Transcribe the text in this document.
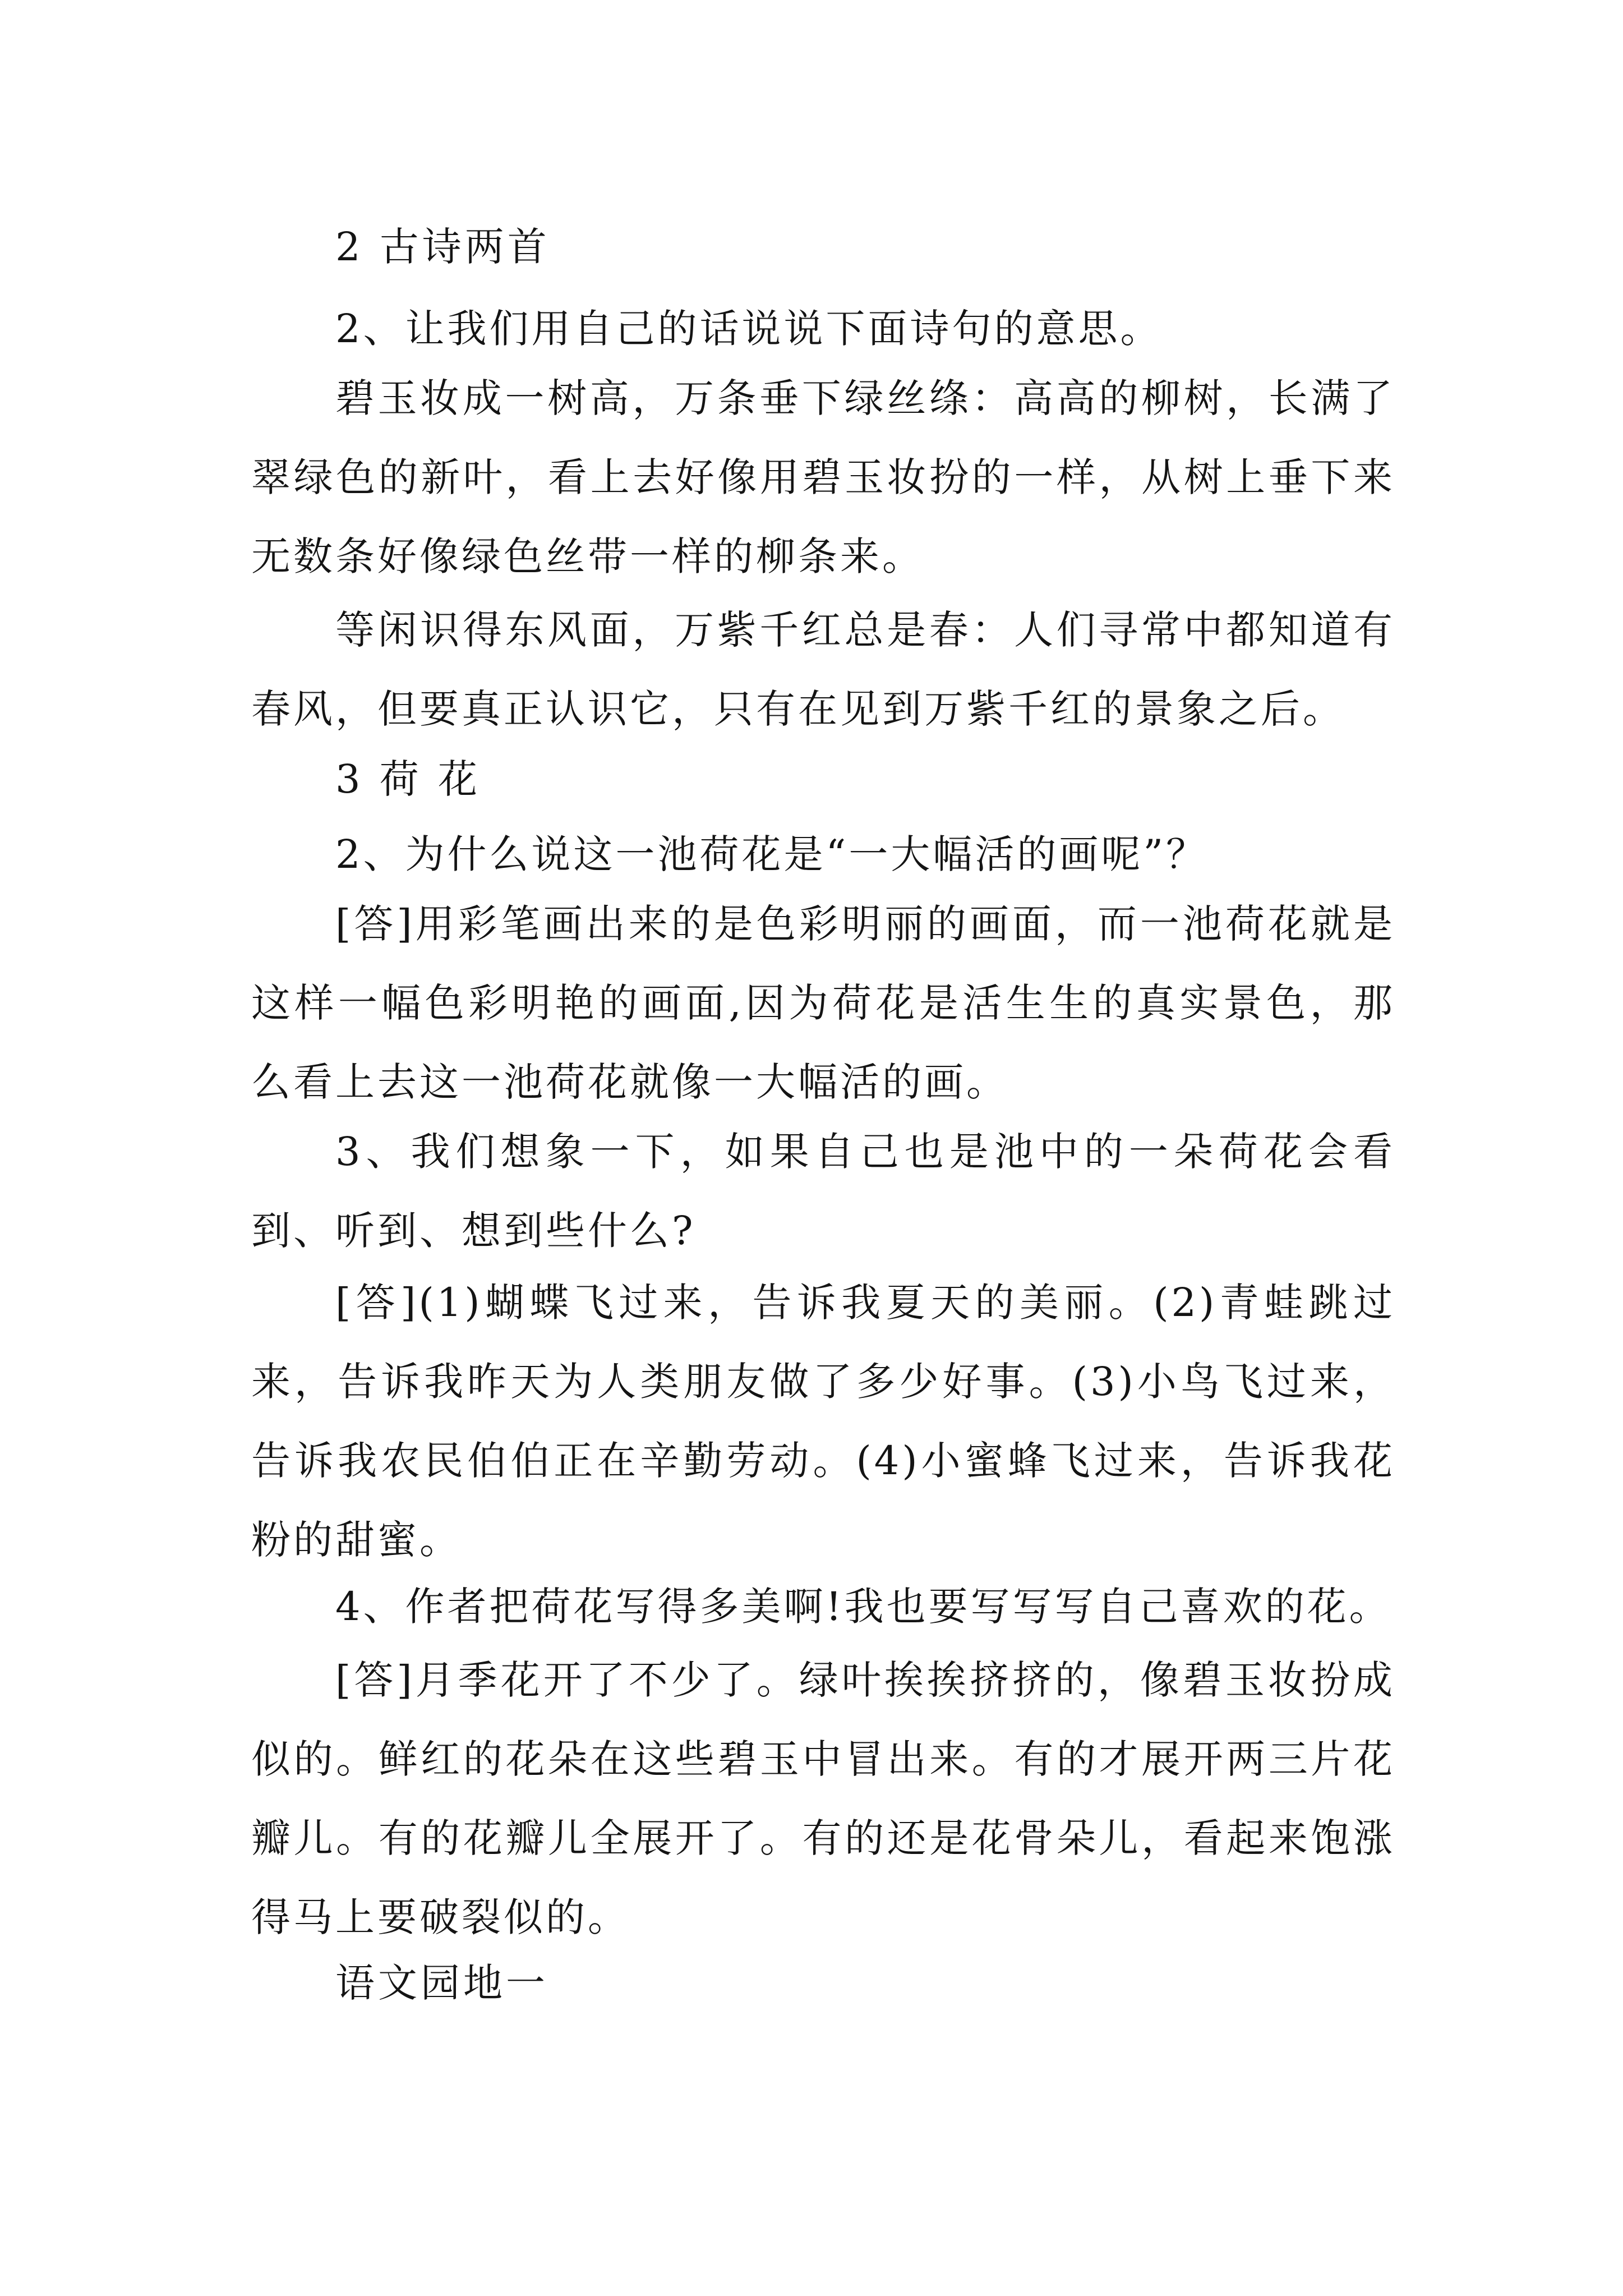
2 古诗两首

2、让我们用自己的话说说下面诗句的意思。

碧玉妆成一树高，万条垂下绿丝绦：高高的柳树，长满了翠绿色的新叶，看上去好像用碧玉妆扮的一样，从树上垂下来无数条好像绿色丝带一样的柳条来。

等闲识得东风面，万紫千红总是春：人们寻常中都知道有春风，但要真正认识它，只有在见到万紫千红的景象之后。

3 荷 花

2、为什么说这一池荷花是“一大幅活的画呢”？

[答]用彩笔画出来的是色彩明丽的画面，而一池荷花就是这样一幅色彩明艳的画面,因为荷花是活生生的真实景色，那么看上去这一池荷花就像一大幅活的画。

3、我们想象一下，如果自己也是池中的一朵荷花会看到、听到、想到些什么?

[答](1)蝴蝶飞过来，告诉我夏天的美丽。(2)青蛙跳过来，告诉我昨天为人类朋友做了多少好事。(3)小鸟飞过来，告诉我农民伯伯正在辛勤劳动。(4)小蜜蜂飞过来，告诉我花粉的甜蜜。

4、作者把荷花写得多美啊!我也要写写写自己喜欢的花。

[答]月季花开了不少了。绿叶挨挨挤挤的，像碧玉妆扮成似的。鲜红的花朵在这些碧玉中冒出来。有的才展开两三片花瓣儿。有的花瓣儿全展开了。有的还是花骨朵儿，看起来饱涨得马上要破裂似的。

语文园地一
